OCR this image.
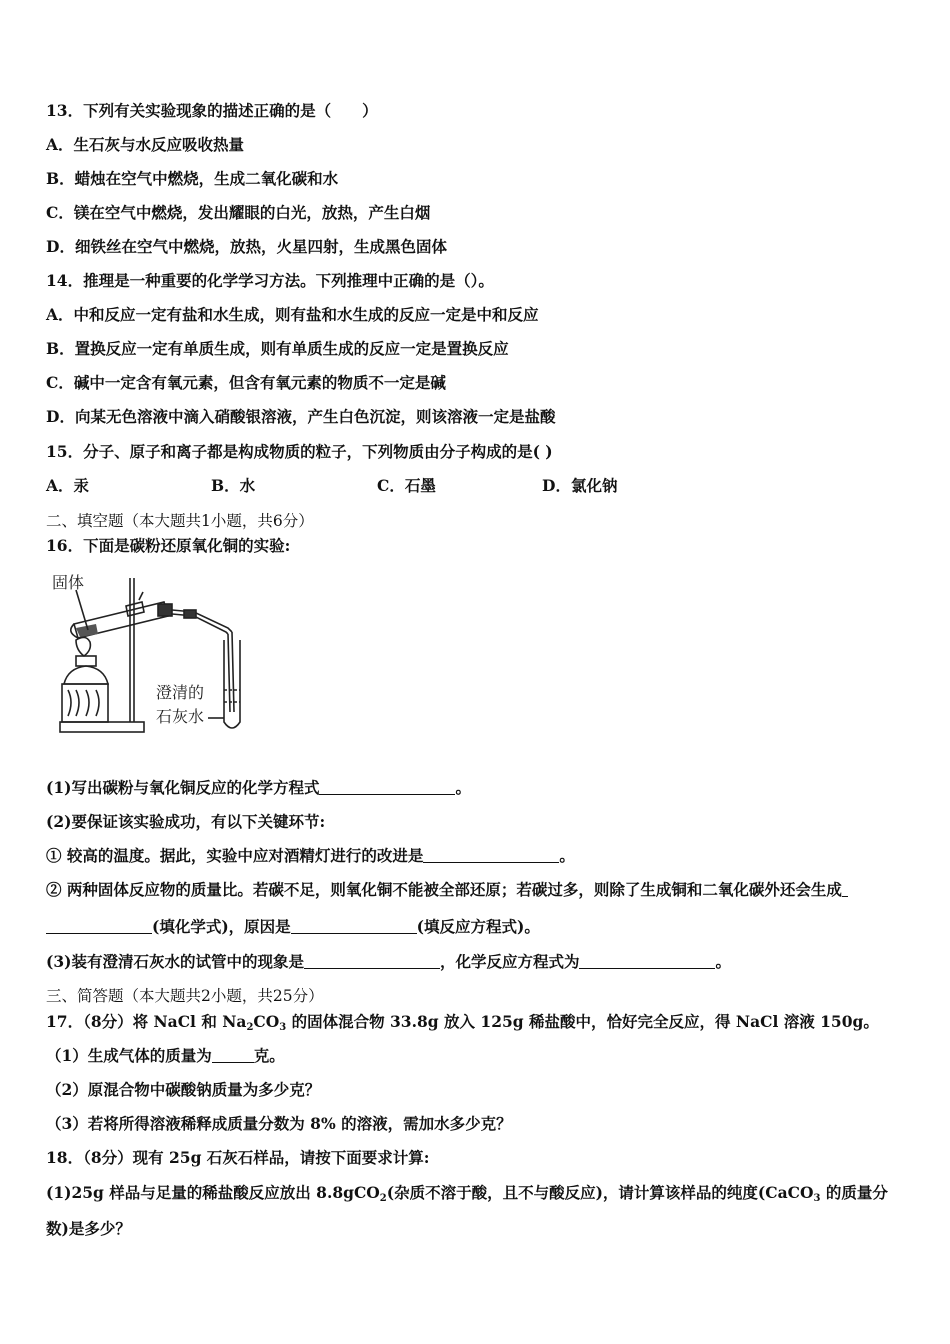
13．下列有关实验现象的描述正确的是（　　）
A．生石灰与水反应吸收热量
B．蜡烛在空气中燃烧，生成二氧化碳和水
C．镁在空气中燃烧，发出耀眼的白光，放热，产生白烟
D．细铁丝在空气中燃烧，放热，火星四射，生成黑色固体
14．推理是一种重要的化学学习方法。下列推理中正确的是（）。
A．中和反应一定有盐和水生成，则有盐和水生成的反应一定是中和反应
B．置换反应一定有单质生成，则有单质生成的反应一定是置换反应
C．碱中一定含有氧元素，但含有氧元素的物质不一定是碱
D．向某无色溶液中滴入硝酸银溶液，产生白色沉淀，则该溶液一定是盐酸
15．分子、原子和离子都是构成物质的粒子，下列物质由分子构成的是( )
A．汞	B．水	C．石墨	D．氯化钠
二、填空题（本大题共1小题，共6分）
16．下面是碳粉还原氧化铜的实验:
固体
澄清的
石灰水
(1)写出碳粉与氧化铜反应的化学方程式	。
(2)要保证该实验成功，有以下关键环节:
① 较高的温度。据此，实验中应对酒精灯进行的改进是	。
② 两种固体反应物的质量比。若碳不足，则氧化铜不能被全部还原；若碳过多，则除了生成铜和二氧化碳外还会生成
(填化学式)，原因是	(填反应方程式)。
(3)装有澄清石灰水的试管中的现象是	，化学反应方程式为	。
三、简答题（本大题共2小题，共25分）
17．（8分）将 NaCl 和 $Na_2CO_3$ 的固体混合物 33.8g 放入 125g 稀盐酸中，恰好完全反应，得 NaCl 溶液 150g。
（1）生成气体的质量为	克。
（2）原混合物中碳酸钠质量为多少克？
（3）若将所得溶液稀释成质量分数为 8% 的溶液，需加水多少克？
18．（8分）现有 25g 石灰石样品，请按下面要求计算:
(1)25g 样品与足量的稀盐酸反应放出 8.8gCO$_2$(杂质不溶于酸，且不与酸反应)，请计算该样品的纯度(CaCO$_3$ 的质量分
数)是多少？
